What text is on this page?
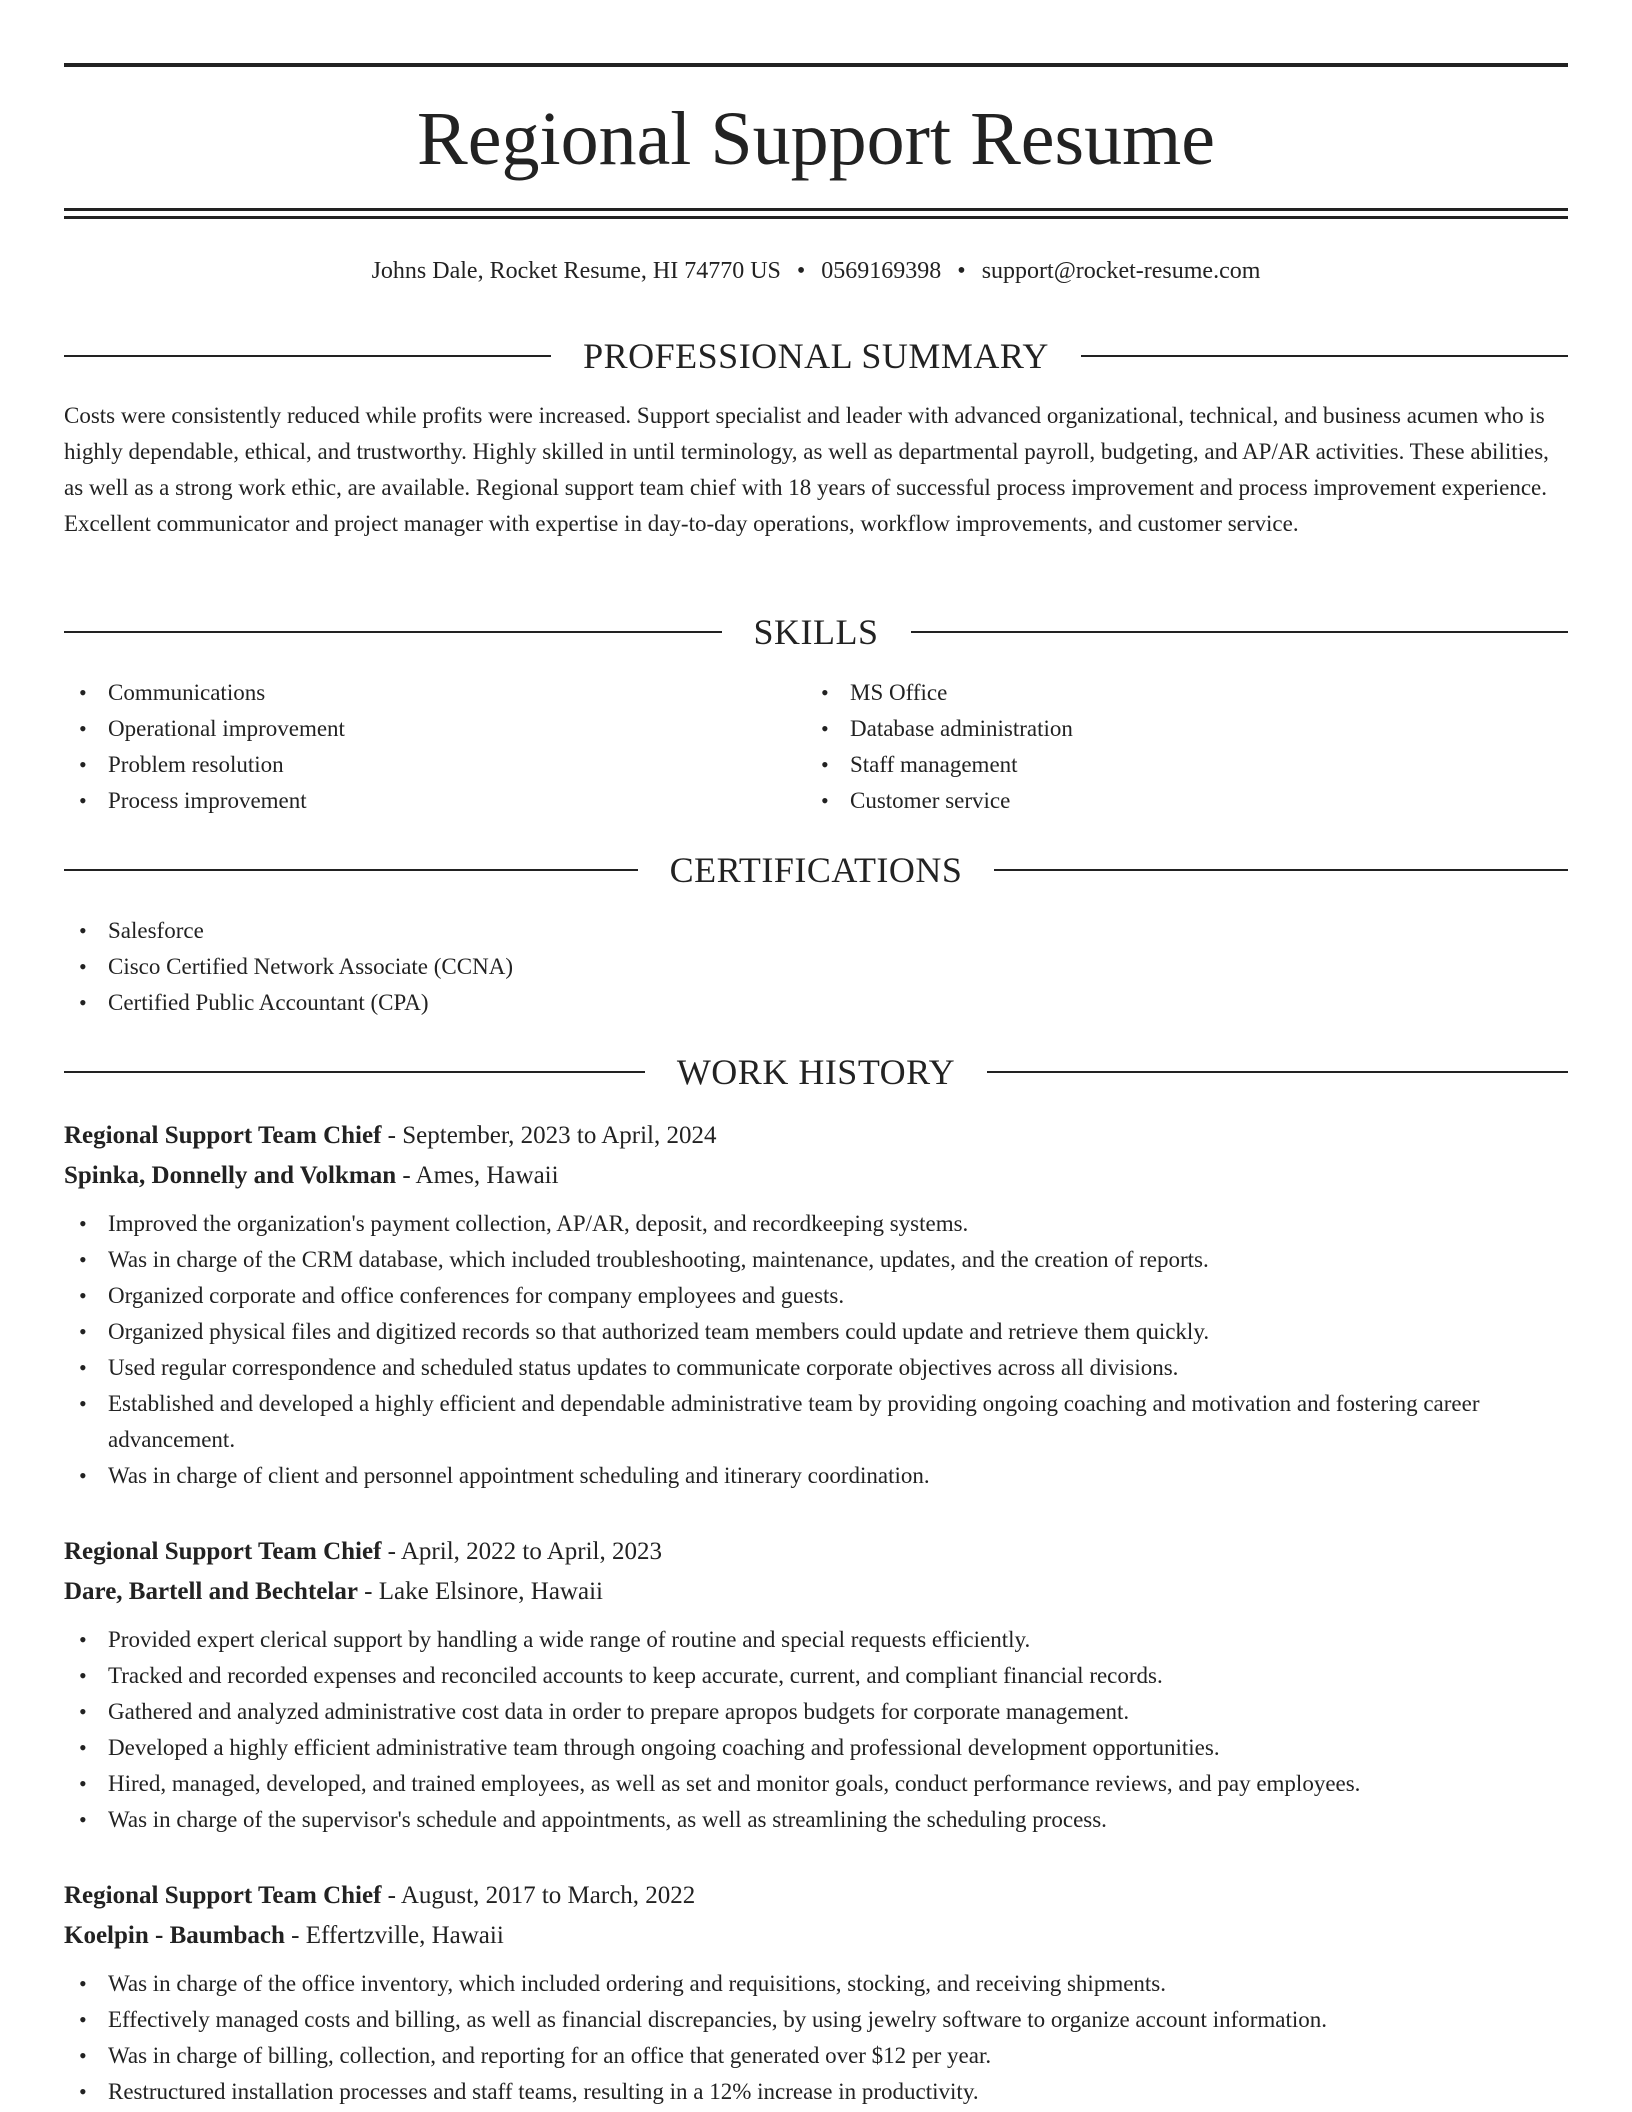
Regional Support Resume
Johns Dale, Rocket Resume, HI 74770 US • 0569169398 • support@rocket-resume.com
PROFESSIONAL SUMMARY

Costs were consistently reduced while profits were increased. Support specialist and leader with advanced organizational, technical, and business acumen who is highly dependable, ethical, and trustworthy. Highly skilled in until terminology, as well as departmental payroll, budgeting, and AP/AR activities. These abilities, as well as a strong work ethic, are available. Regional support team chief with 18 years of successful process improvement and process improvement experience. Excellent communicator and project manager with expertise in day-to-day operations, workflow improvements, and customer service.

SKILLS
• Communications
• Operational improvement
• Problem resolution
• Process improvement
• MS Office
• Database administration
• Staff management
• Customer service
CERTIFICATIONS
• Salesforce
• Cisco Certified Network Associate (CCNA)
• Certified Public Accountant (CPA)
WORK HISTORY
Regional Support Team Chief - September, 2023 to April, 2024
Spinka, Donnelly and Volkman - Ames, Hawaii
• Improved the organization's payment collection, AP/AR, deposit, and recordkeeping systems.
• Was in charge of the CRM database, which included troubleshooting, maintenance, updates, and the creation of reports.
• Organized corporate and office conferences for company employees and guests.
• Organized physical files and digitized records so that authorized team members could update and retrieve them quickly.
• Used regular correspondence and scheduled status updates to communicate corporate objectives across all divisions.
• Established and developed a highly efficient and dependable administrative team by providing ongoing coaching and motivation and fostering career advancement.
• Was in charge of client and personnel appointment scheduling and itinerary coordination.
Regional Support Team Chief - April, 2022 to April, 2023
Dare, Bartell and Bechtelar - Lake Elsinore, Hawaii
• Provided expert clerical support by handling a wide range of routine and special requests efficiently.
• Tracked and recorded expenses and reconciled accounts to keep accurate, current, and compliant financial records.
• Gathered and analyzed administrative cost data in order to prepare apropos budgets for corporate management.
• Developed a highly efficient administrative team through ongoing coaching and professional development opportunities.
• Hired, managed, developed, and trained employees, as well as set and monitor goals, conduct performance reviews, and pay employees.
• Was in charge of the supervisor's schedule and appointments, as well as streamlining the scheduling process.
Regional Support Team Chief - August, 2017 to March, 2022
Koelpin - Baumbach - Effertzville, Hawaii
• Was in charge of the office inventory, which included ordering and requisitions, stocking, and receiving shipments.
• Effectively managed costs and billing, as well as financial discrepancies, by using jewelry software to organize account information.
• Was in charge of billing, collection, and reporting for an office that generated over $12 per year.
• Restructured installation processes and staff teams, resulting in a 12% increase in productivity.
